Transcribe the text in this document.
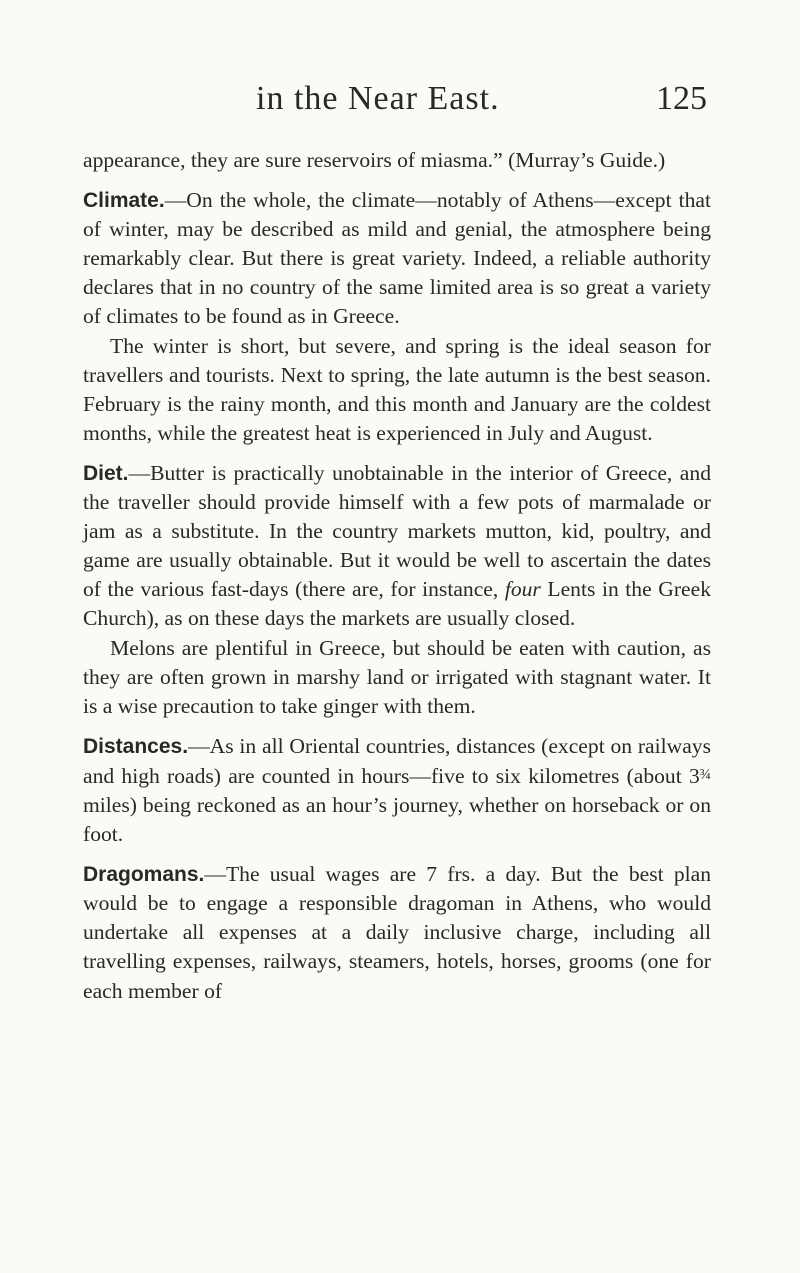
in the Near East.	125

appearance, they are sure reservoirs of miasma.” (Murray’s Guide.)

Climate.—On the whole, the climate—notably of Athens—except that of winter, may be described as mild and genial, the atmosphere being remarkably clear. But there is great variety. Indeed, a reliable authority declares that in no country of the same limited area is so great a variety of climates to be found as in Greece.

The winter is short, but severe, and spring is the ideal season for travellers and tourists. Next to spring, the late autumn is the best season. February is the rainy month, and this month and January are the coldest months, while the greatest heat is experienced in July and August.

Diet.—Butter is practically unobtainable in the interior of Greece, and the traveller should provide himself with a few pots of marmalade or jam as a substitute. In the country markets mutton, kid, poultry, and game are usually obtainable. But it would be well to ascertain the dates of the various fast-days (there are, for instance, four Lents in the Greek Church), as on these days the markets are usually closed.

Melons are plentiful in Greece, but should be eaten with caution, as they are often grown in marshy land or irrigated with stagnant water. It is a wise precaution to take ginger with them.

Distances.—As in all Oriental countries, distances (except on railways and high roads) are counted in hours—five to six kilometres (about 3¾ miles) being reckoned as an hour’s journey, whether on horseback or on foot.

Dragomans.—The usual wages are 7 frs. a day. But the best plan would be to engage a responsible dragoman in Athens, who would undertake all expenses at a daily inclusive charge, including all travelling expenses, railways, steamers, hotels, horses, grooms (one for each member of
